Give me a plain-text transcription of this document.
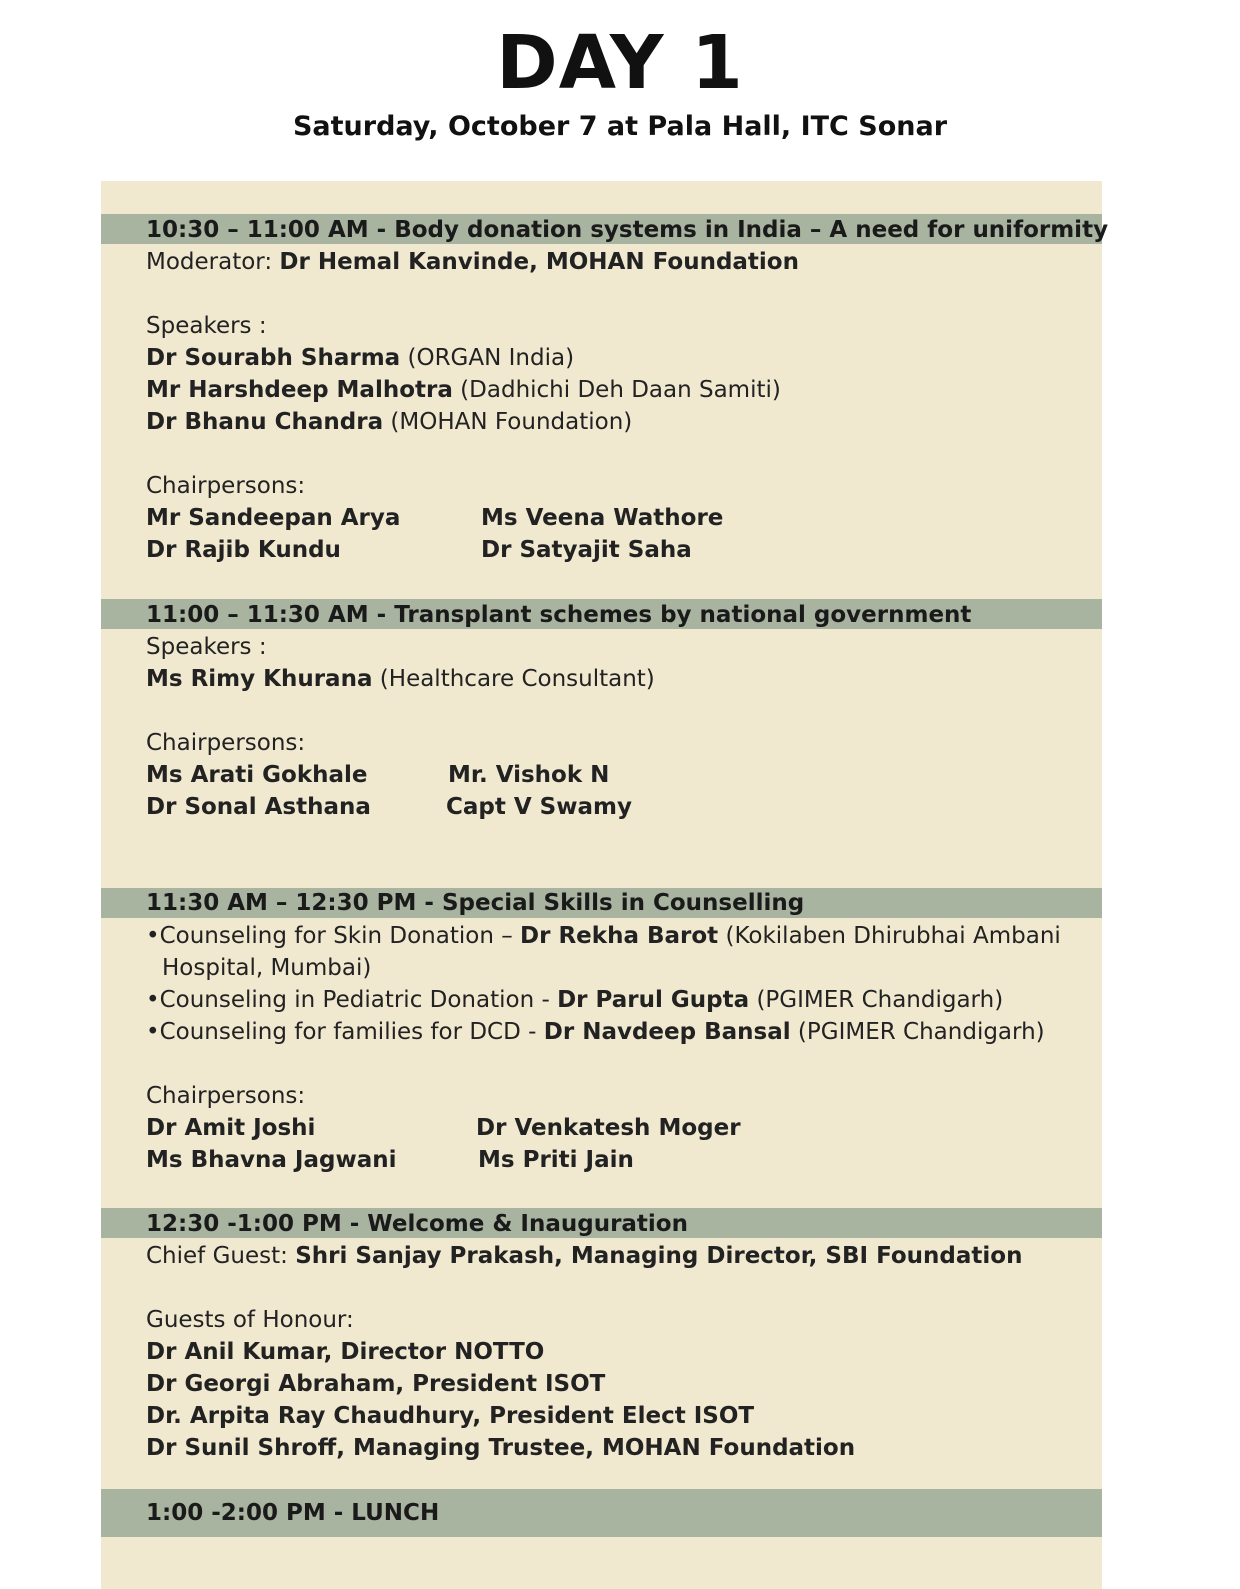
DAY 1
Saturday, October 7 at Pala Hall, ITC Sonar
10:30 – 11:00 AM - Body donation systems in India – A need for uniformity
Moderator: Dr Hemal Kanvinde, MOHAN Foundation
Speakers :
Dr Sourabh Sharma (ORGAN India)
Mr Harshdeep Malhotra (Dadhichi Deh Daan Samiti)
Dr Bhanu Chandra (MOHAN Foundation)
Chairpersons:
Mr Sandeepan Arya	Ms Veena Wathore
Dr Rajib Kundu	Dr Satyajit Saha
11:00 – 11:30 AM - Transplant schemes by national government
Speakers :
Ms Rimy Khurana (Healthcare Consultant)
Chairpersons:
Ms Arati Gokhale	Mr. Vishok N
Dr Sonal Asthana	Capt V Swamy
11:30 AM – 12:30 PM - Special Skills in Counselling
•Counseling for Skin Donation – Dr Rekha Barot (Kokilaben Dhirubhai Ambani
Hospital, Mumbai)
•Counseling in Pediatric Donation - Dr Parul Gupta (PGIMER Chandigarh)
•Counseling for families for DCD - Dr Navdeep Bansal (PGIMER Chandigarh)
Chairpersons:
Dr Amit Joshi	Dr Venkatesh Moger
Ms Bhavna Jagwani	Ms Priti Jain
12:30 -1:00 PM - Welcome & Inauguration
Chief Guest: Shri Sanjay Prakash, Managing Director, SBI Foundation
Guests of Honour:
Dr Anil Kumar, Director NOTTO
Dr Georgi Abraham, President ISOT
Dr. Arpita Ray Chaudhury, President Elect ISOT
Dr Sunil Shroff, Managing Trustee, MOHAN Foundation
1:00 -2:00 PM - LUNCH
